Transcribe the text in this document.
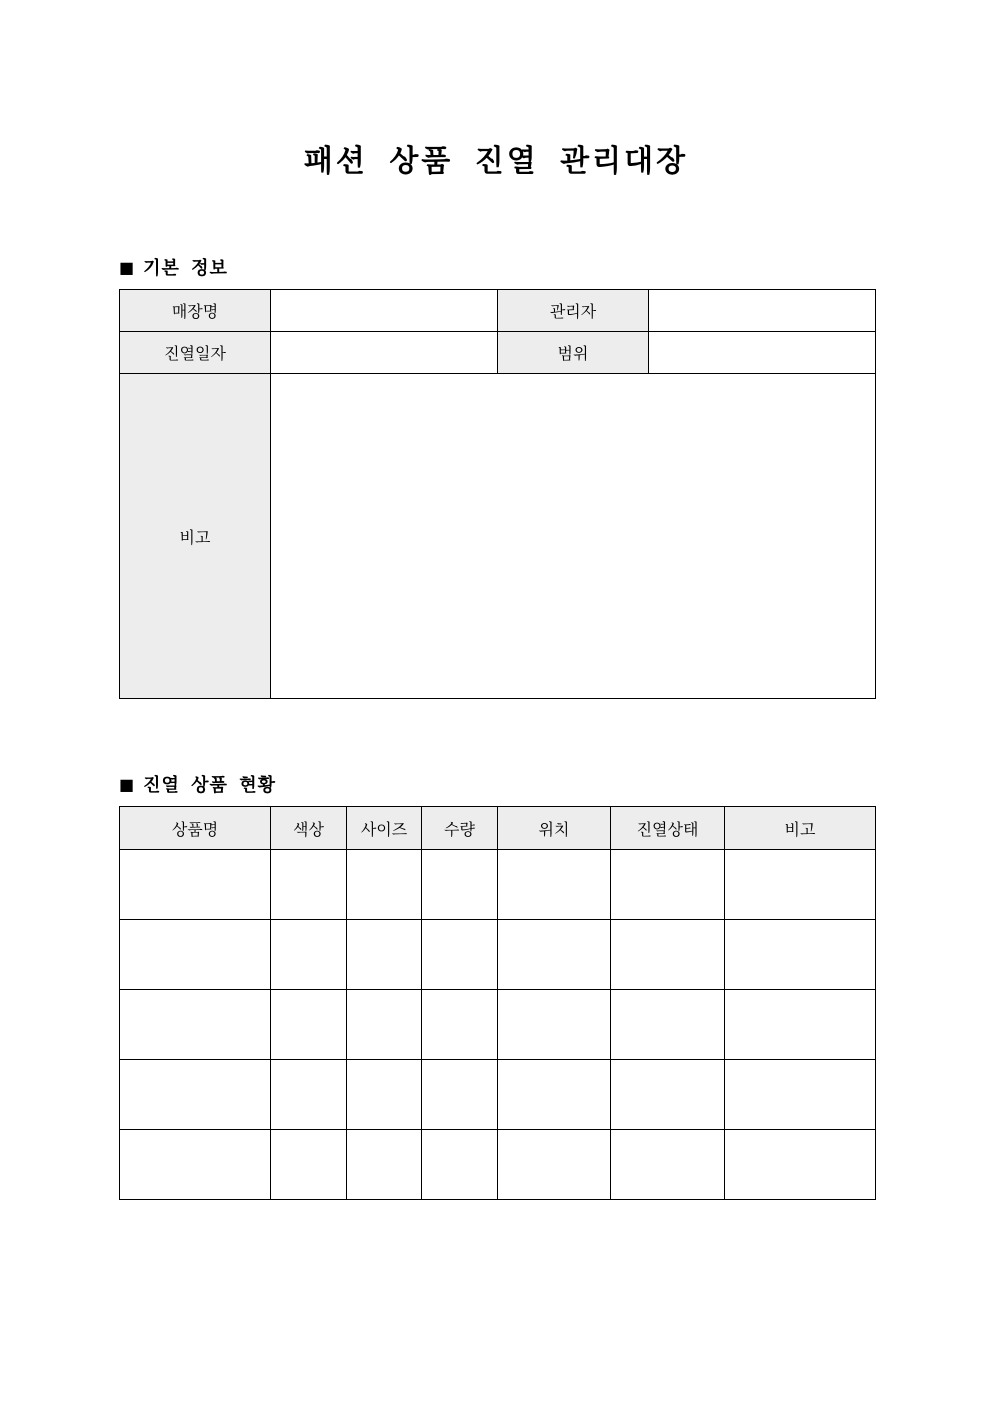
패션 상품 진열 관리대장
■ 기본 정보
매장명		관리자	
진열일자		범위	
비고			
■ 진열 상품 현황
상품명	색상	사이즈	수량	위치	진열상태	비고
